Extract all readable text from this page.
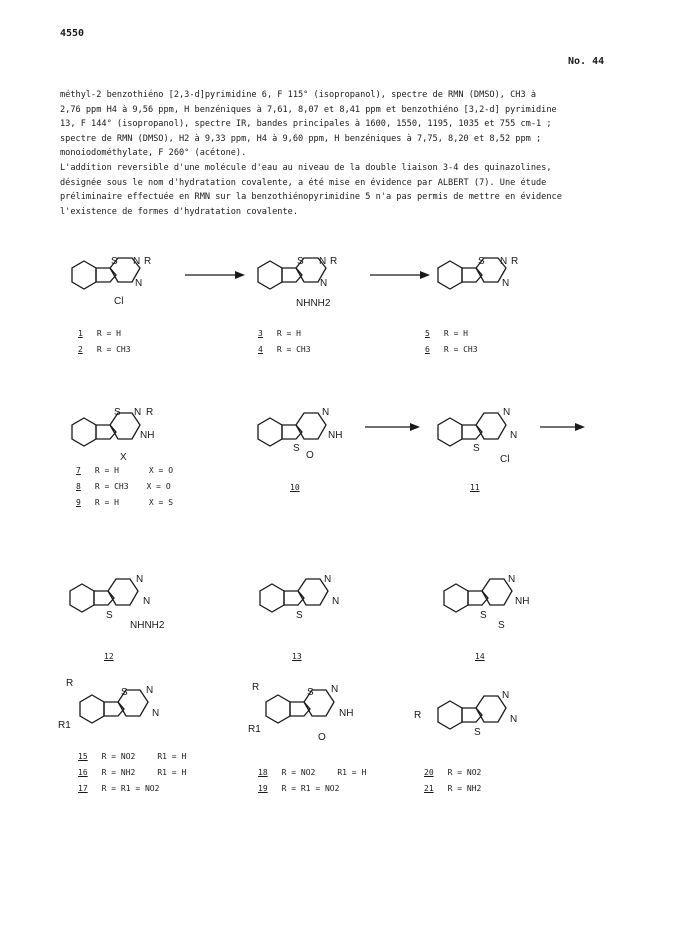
4550
No. 44
méthyl-2 benzothiéno [2,3-d]pyrimidine 6, F 115° (isopropanol), spectre de RMN (DMSO), CH3 à
2,76 ppm H4 à 9,56 ppm, H benzéniques à 7,61, 8,07 et 8,41 ppm et benzothiéno [3,2-d] pyrimidine
13, F 144° (isopropanol), spectre IR, bandes principales à 1600, 1550, 1195, 1035 et 755 cm-1 ;
spectre de RMN (DMSO), H2 à 9,33 ppm, H4 à 9,60 ppm, H benzéniques à 7,75, 8,20 et 8,52 ppm ;
monoiodométhylate, F 260° (acétone).
L'addition reversible d'une molécule d'eau au niveau de la double liaison 3-4 des quinazolines,
désignée sous le nom d'hydratation covalente, a été mise en évidence par ALBERT (7). Une étude
préliminaire effectuée en RMN sur la benzothiénopyrimidine 5 n'a pas permis de mettre en évidence
l'existence de formes d'hydratation covalente.
S N R
N
Cl
S N R
N
NHNH2
S N R
N
S N R
NH
X
S
N
NH
O
S
N
N
Cl
S
N
N
NHNH2
S
N
N
S
N
NH
S
R
R1
S N
N
R
R1
S N
NH
O
R
S
N
N
1 R = H
2 R = CH3
3 R = H
4 R = CH3
5 R = H
6 R = CH3
7 R = H	X = O
8 R = CH3 X = O
9 R = H	X = S
10	11
12	13	14
15 R = NO2	R1 = H
16 R = NH2	R1 = H
17 R = R1 = NO2
18 R = NO2	R1 = H
19 R = R1 = NO2
20 R = NO2
21 R = NH2
